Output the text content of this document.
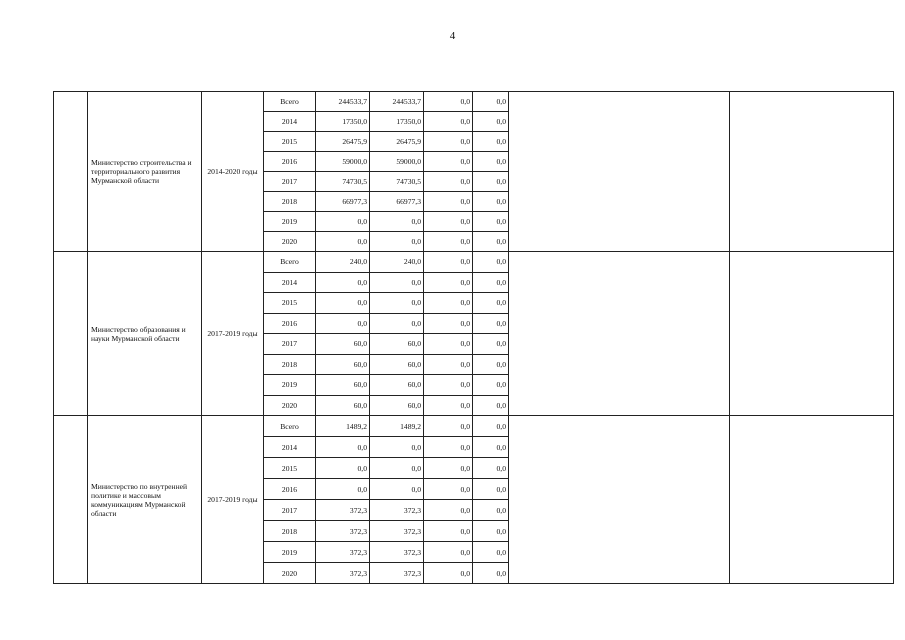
4

	Министерство строительства и территориального развития Мурманской области	2014-2020 годы	Всего	244533,7	244533,7	0,0	0,0		
			2014	17350,0	17350,0	0,0	0,0		
			2015	26475,9	26475,9	0,0	0,0		
			2016	59000,0	59000,0	0,0	0,0		
			2017	74730,5	74730,5	0,0	0,0		
			2018	66977,3	66977,3	0,0	0,0		
			2019	0,0	0,0	0,0	0,0		
			2020	0,0	0,0	0,0	0,0		

	Министерство образования и науки Мурманской области	2017-2019 годы	Всего	240,0	240,0	0,0	0,0		
			2014	0,0	0,0	0,0	0,0		
			2015	0,0	0,0	0,0	0,0		
			2016	0,0	0,0	0,0	0,0		
			2017	60,0	60,0	0,0	0,0		
			2018	60,0	60,0	0,0	0,0		
			2019	60,0	60,0	0,0	0,0		
			2020	60,0	60,0	0,0	0,0		

	Министерство по внутренней политике и массовым коммуникациям Мурманской области	2017-2019 годы	Всего	1489,2	1489,2	0,0	0,0		
			2014	0,0	0,0	0,0	0,0		
			2015	0,0	0,0	0,0	0,0		
			2016	0,0	0,0	0,0	0,0		
			2017	372,3	372,3	0,0	0,0		
			2018	372,3	372,3	0,0	0,0		
			2019	372,3	372,3	0,0	0,0		
			2020	372,3	372,3	0,0	0,0		
